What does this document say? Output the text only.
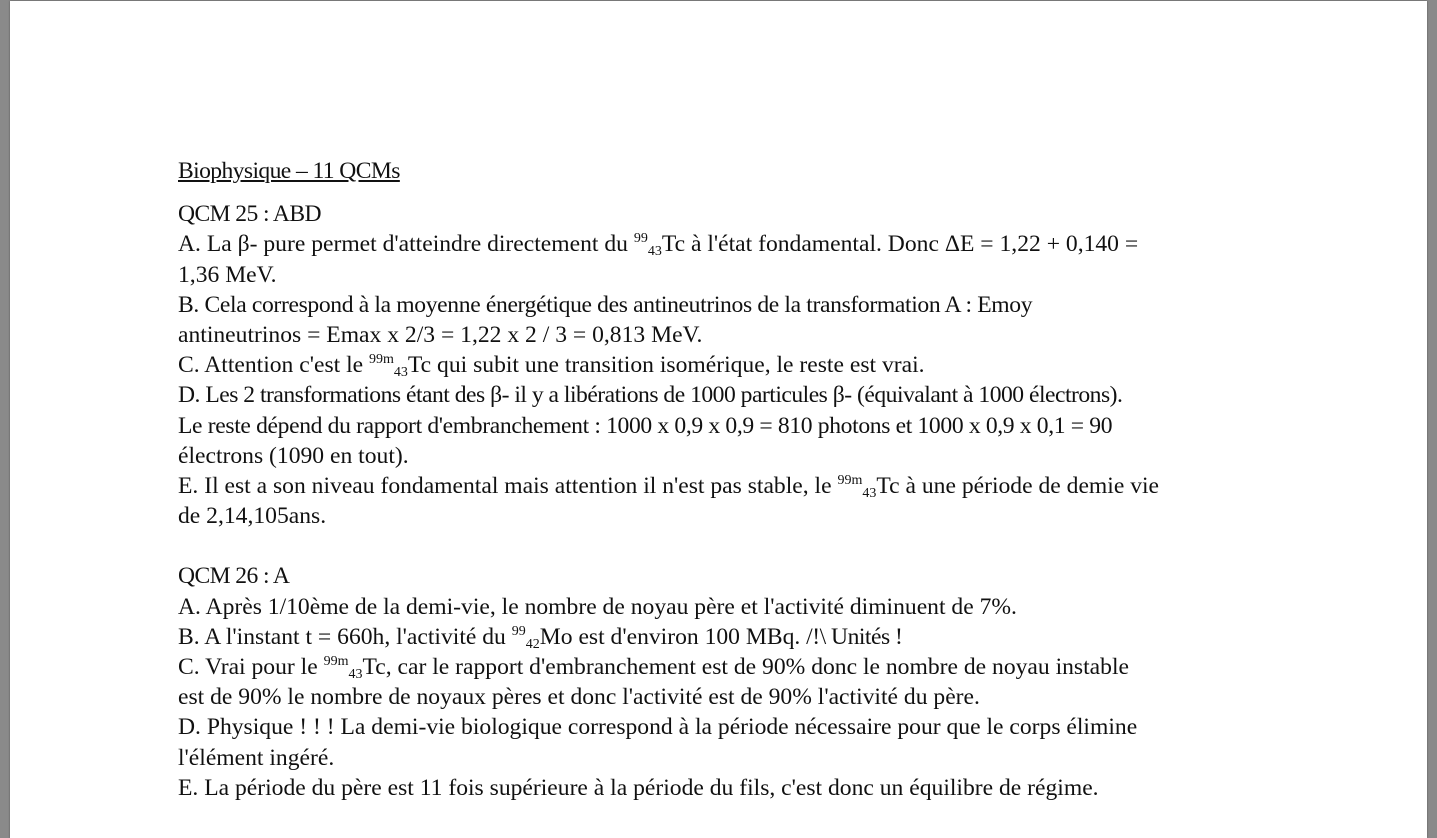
Biophysique – 11 QCMs
QCM 25 : ABD
A. La β- pure permet d'atteindre directement du $^{99}_{43}$Tc à l'état fondamental. Donc ΔE = 1,22 + 0,140 =
1,36 MeV.
B. Cela correspond à la moyenne énergétique des antineutrinos de la transformation A : Emoy
antineutrinos = Emax x 2/3 = 1,22 x 2 / 3 = 0,813 MeV.
C. Attention c'est le $^{99m}_{43}$Tc qui subit une transition isomérique, le reste est vrai.
D. Les 2 transformations étant des β- il y a libérations de 1000 particules β- (équivalant à 1000 électrons).
Le reste dépend du rapport d'embranchement : 1000 x 0,9 x 0,9 = 810 photons et 1000 x 0,9 x 0,1 = 90
électrons (1090 en tout).
E. Il est a son niveau fondamental mais attention il n'est pas stable, le $^{99m}_{43}$Tc à une période de demie vie
de 2,14,105ans.
QCM 26 : A
A. Après 1/10ème de la demi-vie, le nombre de noyau père et l'activité diminuent de 7%.
B. A l'instant t = 660h, l'activité du $^{99}_{42}$Mo est d'environ 100 MBq. /!\ Unités !
C. Vrai pour le $^{99m}_{43}$Tc, car le rapport d'embranchement est de 90% donc le nombre de noyau instable
est de 90% le nombre de noyaux pères et donc l'activité est de 90% l'activité du père.
D. Physique ! ! ! La demi-vie biologique correspond à la période nécessaire pour que le corps élimine
l'élément ingéré.
E. La période du père est 11 fois supérieure à la période du fils, c'est donc un équilibre de régime.
